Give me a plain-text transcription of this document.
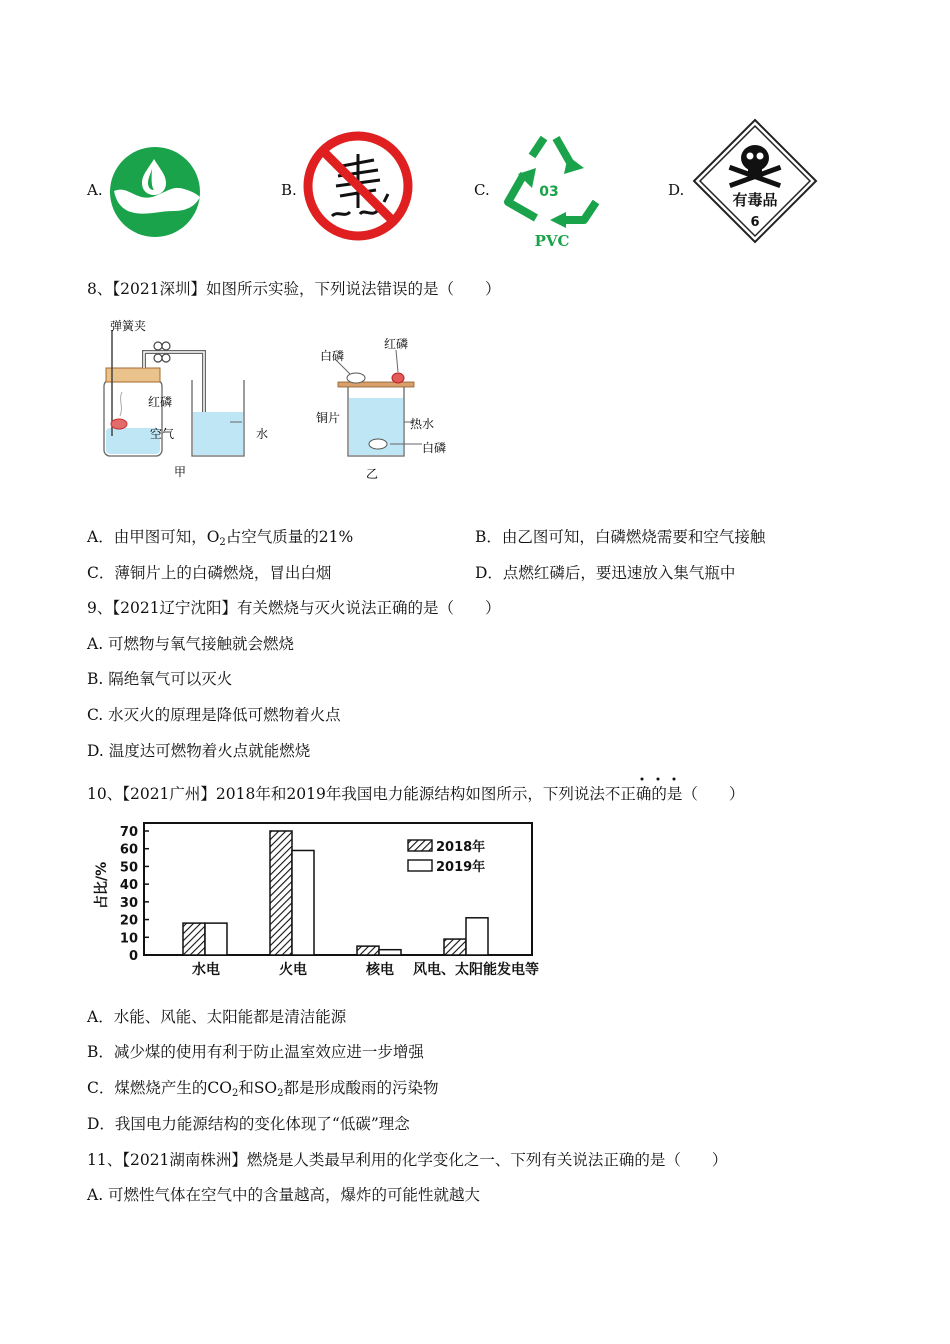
A.	B.	C.	03
PVC
D.
有毒品
6
8、【2021深圳】如图所示实验，下列说法错误的是（　　）
弹簧夹
红磷
空气	水
甲
白磷
红磷
铜片	热水
白磷
乙
A．由甲图可知，O2占空气质量的21%	B．由乙图可知，白磷燃烧需要和空气接触
C．薄铜片上的白磷燃烧，冒出白烟	D．点燃红磷后，要迅速放入集气瓶中
9、【2021辽宁沈阳】有关燃烧与灭火说法正确的是（　　）
A. 可燃物与氧气接触就会燃烧
B. 隔绝氧气可以灭火
C. 水灭火的原理是降低可燃物着火点
D. 温度达可燃物着火点就能燃烧
10、【2021广州】2018年和2019年我国电力能源结构如图所示，下列说法不正确的是（　　）
0
10
20
30
40
50
60
70
水电	火电	核电 风电、太阳能发电等
占比/%
2018年
2019年
A．水能、风能、太阳能都是清洁能源
B．减少煤的使用有利于防止温室效应进一步增强
C．煤燃烧产生的CO2和SO2都是形成酸雨的污染物
D．我国电力能源结构的变化体现了“低碳”理念
11、【2021湖南株洲】燃烧是人类最早利用的化学变化之一、下列有关说法正确的是（　　）
A. 可燃性气体在空气中的含量越高，爆炸的可能性就越大
